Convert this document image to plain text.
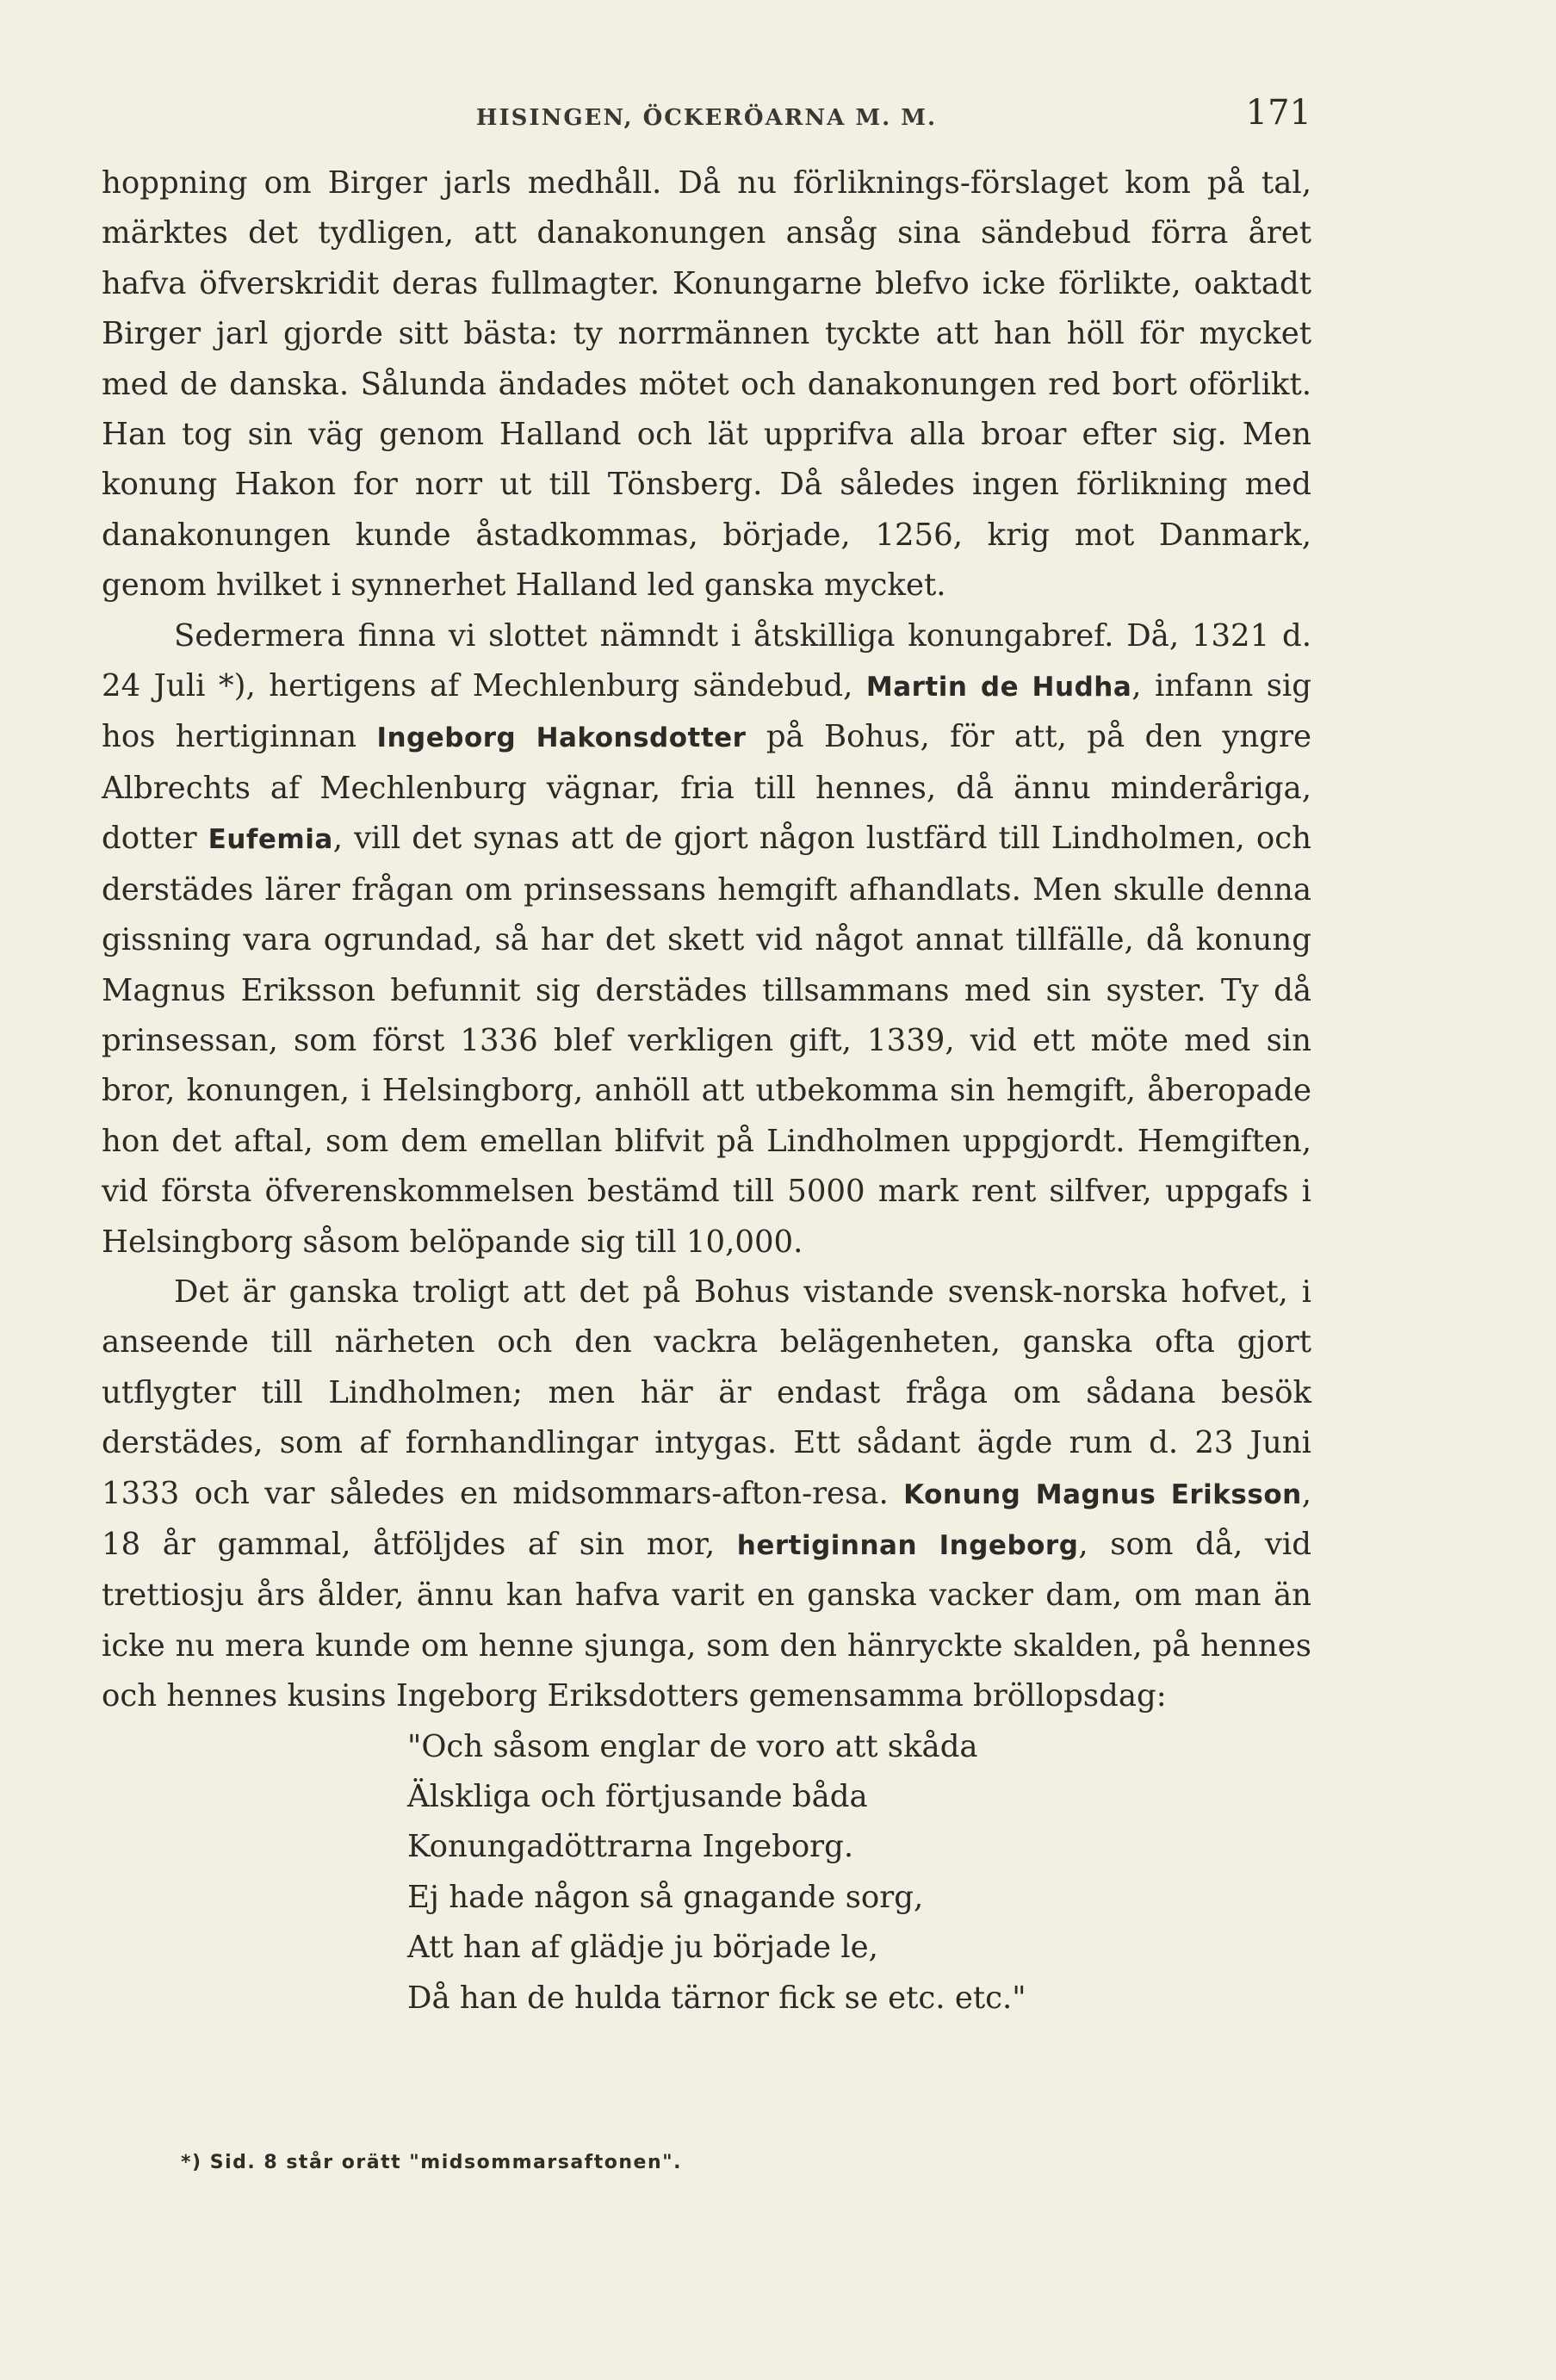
HISINGEN, ÖCKERÖARNA M. M.	171

hoppning om Birger jarls medhåll. Då nu förliknings-förslaget kom på tal, märktes det tydligen, att danakonungen ansåg sina sändebud förra året hafva öfverskridit deras fullmagter. Konungarne blefvo icke förlikte, oaktadt Birger jarl gjorde sitt bästa: ty norrmännen tyckte att han höll för mycket med de danska. Sålunda ändades mötet och danakonungen red bort oförlikt. Han tog sin väg genom Halland och lät upprifva alla broar efter sig. Men konung Hakon for norr ut till Tönsberg. Då således ingen förlikning med danakonungen kunde åstadkommas, började, 1256, krig mot Danmark, genom hvilket i synnerhet Halland led ganska mycket.

Sedermera finna vi slottet nämndt i åtskilliga konungabref. Då, 1321 d. 24 Juli *), hertigens af Mechlenburg sändebud, Martin de Hudha, infann sig hos hertiginnan Ingeborg Hakonsdotter på Bohus, för att, på den yngre Albrechts af Mechlenburg vägnar, fria till hennes, då ännu minderåriga, dotter Eufemia, vill det synas att de gjort någon lustfärd till Lindholmen, och derstädes lärer frågan om prinsessans hemgift afhandlats. Men skulle denna gissning vara ogrundad, så har det skett vid något annat tillfälle, då konung Magnus Eriksson befunnit sig derstädes tillsammans med sin syster. Ty då prinsessan, som först 1336 blef verkligen gift, 1339, vid ett möte med sin bror, konungen, i Helsingborg, anhöll att utbekomma sin hemgift, åberopade hon det aftal, som dem emellan blifvit på Lindholmen uppgjordt. Hemgiften, vid första öfverenskommelsen bestämd till 5000 mark rent silfver, uppgafs i Helsingborg såsom belöpande sig till 10,000.

Det är ganska troligt att det på Bohus vistande svensk-norska hofvet, i anseende till närheten och den vackra belägenheten, ganska ofta gjort utflygter till Lindholmen; men här är endast fråga om sådana besök derstädes, som af fornhandlingar intygas. Ett sådant ägde rum d. 23 Juni 1333 och var således en midsommars-afton-resa. Konung Magnus Eriksson, 18 år gammal, åtföljdes af sin mor, hertiginnan Ingeborg, som då, vid trettiosju års ålder, ännu kan hafva varit en ganska vacker dam, om man än icke nu mera kunde om henne sjunga, som den hänryckte skalden, på hennes och hennes kusins Ingeborg Eriksdotters gemensamma bröllopsdag:

"Och såsom englar de voro att skåda
Älskliga och förtjusande båda
Konungadöttrarna Ingeborg.
Ej hade någon så gnagande sorg,
Att han af glädje ju började le,
Då han de hulda tärnor fick se etc. etc."
*) Sid. 8 står orätt "midsommarsaftonen".
